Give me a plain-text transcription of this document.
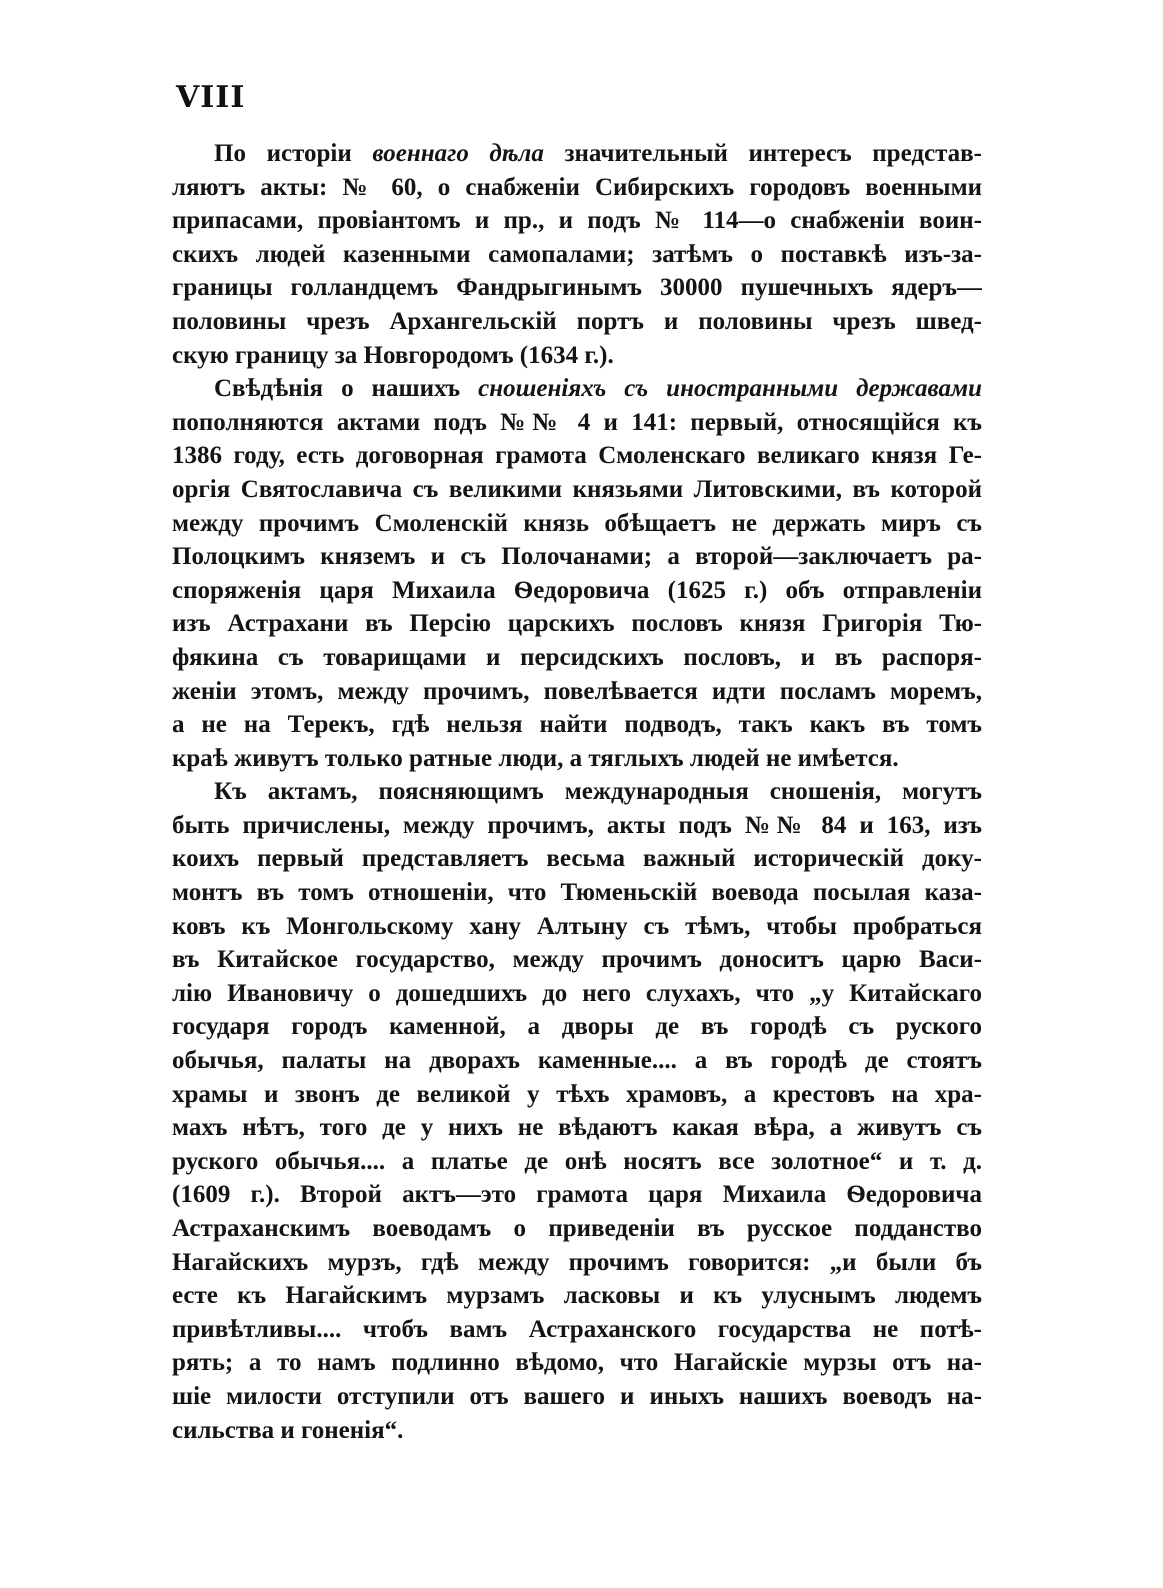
VIII
По исторіи военнаго дѣла значительный интересъ представ-
ляютъ акты: № 60, о снабженіи Сибирскихъ городовъ военными
припасами, провіантомъ и пр., и подъ № 114—о снабженіи воин-
скихъ людей казенными самопалами; затѣмъ о поставкѣ изъ-за-
границы голландцемъ Фандрыгинымъ 30000 пушечныхъ ядеръ—
половины чрезъ Архангельскій портъ и половины чрезъ швед-
скую границу за Новгородомъ (1634 г.).
Свѣдѣнія о нашихъ сношеніяхъ съ иностранными державами
пополняются актами подъ №№ 4 и 141: первый, относящійся къ
1386 году, есть договорная грамота Смоленскаго великаго князя Ге-
оргія Святославича съ великими князьями Литовскими, въ которой
между прочимъ Смоленскій князь обѣщаетъ не держать миръ съ
Полоцкимъ княземъ и съ Полочанами; а второй—заключаетъ ра-
споряженія царя Михаила Ѳедоровича (1625 г.) объ отправленіи
изъ Астрахани въ Персію царскихъ пословъ князя Григорія Тю-
фякина съ товарищами и персидскихъ пословъ, и въ распоря-
женіи этомъ, между прочимъ, повелѣвается идти посламъ моремъ,
а не на Терекъ, гдѣ нельзя найти подводъ, такъ какъ въ томъ
краѣ живутъ только ратные люди, а тяглыхъ людей не имѣется.
Къ актамъ, поясняющимъ международныя сношенія, могутъ
быть причислены, между прочимъ, акты подъ №№ 84 и 163, изъ
коихъ первый представляетъ весьма важный историческій доку-
монтъ въ томъ отношеніи, что Тюменьскій воевода посылая каза-
ковъ къ Монгольскому хану Алтыну съ тѣмъ, чтобы пробраться
въ Китайское государство, между прочимъ доноситъ царю Васи-
лію Ивановичу о дошедшихъ до него слухахъ, что „у Китайскаго
государя городъ каменной, а дворы де въ городѣ съ руского
обычья, палаты на дворахъ каменные.... а въ городѣ де стоятъ
храмы и звонъ де великой у тѣхъ храмовъ, а крестовъ на хра-
махъ нѣтъ, того де у нихъ не вѣдаютъ какая вѣра, а живутъ съ
руского обычья.... а платье де онѣ носятъ все золотное“ и т. д.
(1609 г.). Второй актъ—это грамота царя Михаила Ѳедоровича
Астраханскимъ воеводамъ о приведеніи въ русское подданство
Нагайскихъ мурзъ, гдѣ между прочимъ говорится: „и были бъ
есте къ Нагайскимъ мурзамъ ласковы и къ улуснымъ людемъ
привѣтливы.... чтобъ вамъ Астраханского государства не потѣ-
рять; а то намъ подлинно вѣдомо, что Нагайскіе мурзы отъ на-
шіе милости отступили отъ вашего и иныхъ нашихъ воеводъ на-
сильства и гоненія“.
